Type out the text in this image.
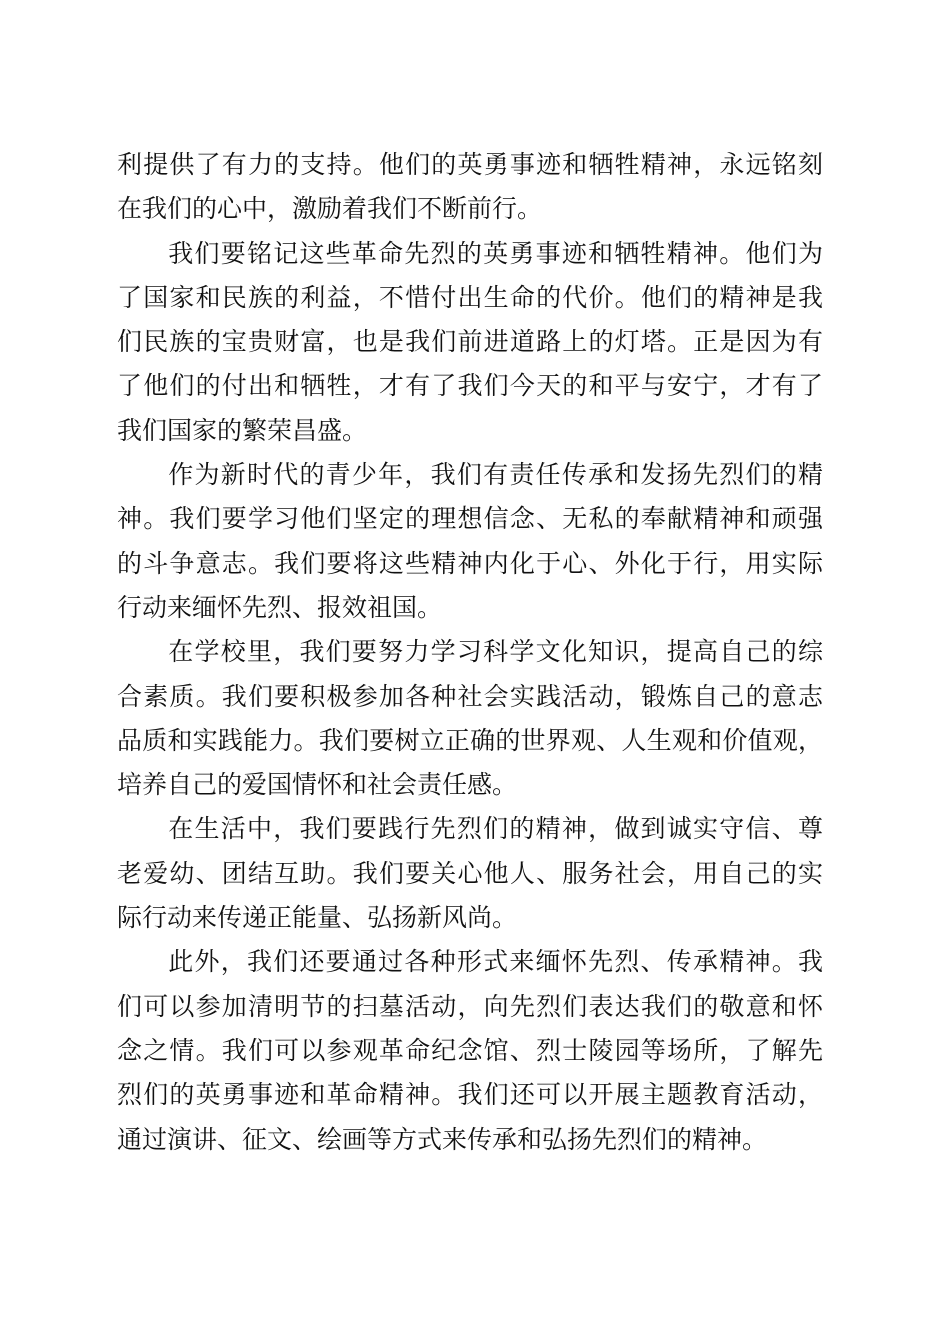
利提供了有力的支持。他们的英勇事迹和牺牲精神，永远铭刻
在我们的心中，激励着我们不断前行。
我们要铭记这些革命先烈的英勇事迹和牺牲精神。他们为
了国家和民族的利益，不惜付出生命的代价。他们的精神是我
们民族的宝贵财富，也是我们前进道路上的灯塔。正是因为有
了他们的付出和牺牲，才有了我们今天的和平与安宁，才有了
我们国家的繁荣昌盛。
作为新时代的青少年，我们有责任传承和发扬先烈们的精
神。我们要学习他们坚定的理想信念、无私的奉献精神和顽强
的斗争意志。我们要将这些精神内化于心、外化于行，用实际
行动来缅怀先烈、报效祖国。
在学校里，我们要努力学习科学文化知识，提高自己的综
合素质。我们要积极参加各种社会实践活动，锻炼自己的意志
品质和实践能力。我们要树立正确的世界观、人生观和价值观，
培养自己的爱国情怀和社会责任感。
在生活中，我们要践行先烈们的精神，做到诚实守信、尊
老爱幼、团结互助。我们要关心他人、服务社会，用自己的实
际行动来传递正能量、弘扬新风尚。
此外，我们还要通过各种形式来缅怀先烈、传承精神。我
们可以参加清明节的扫墓活动，向先烈们表达我们的敬意和怀
念之情。我们可以参观革命纪念馆、烈士陵园等场所，了解先
烈们的英勇事迹和革命精神。我们还可以开展主题教育活动，
通过演讲、征文、绘画等方式来传承和弘扬先烈们的精神。
